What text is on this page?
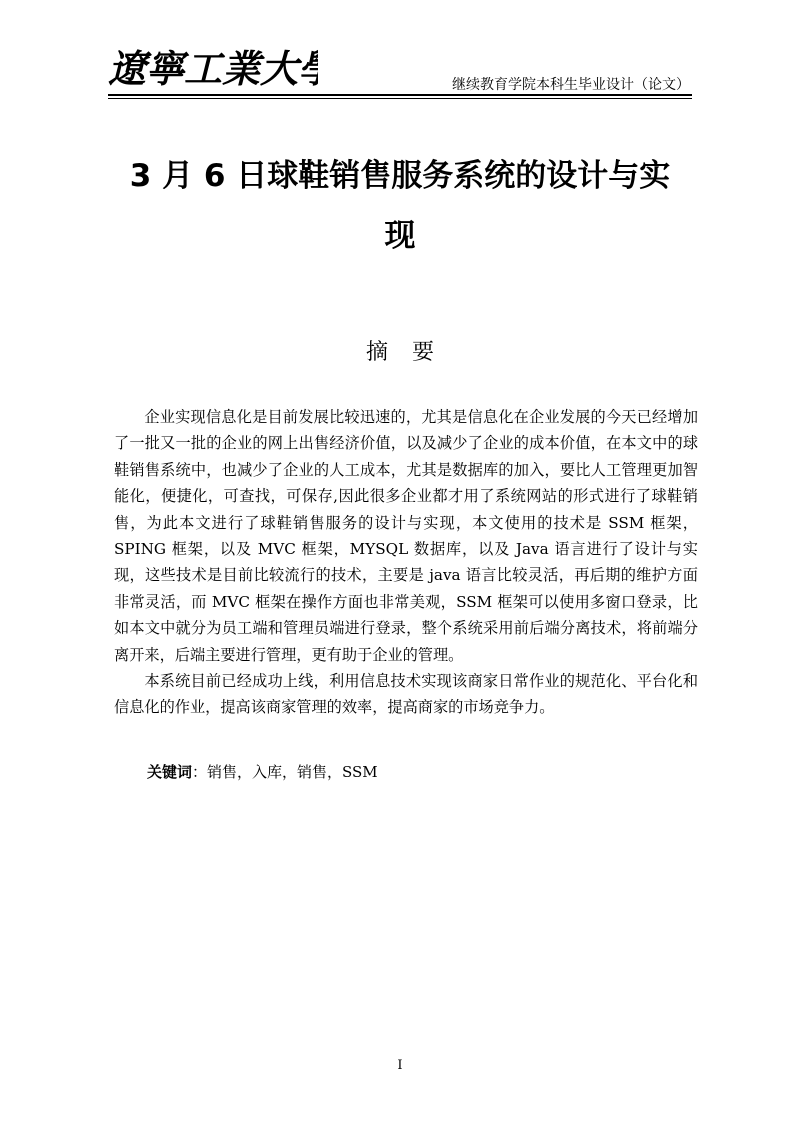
遼寧工業大學	继续教育学院本科生毕业设计（论文）
3 月 6 日球鞋销售服务系统的设计与实
现
摘要

企业实现信息化是目前发展比较迅速的，尤其是信息化在企业发展的今天已经增加了一批又一批的企业的网上出售经济价值，以及减少了企业的成本价值，在本文中的球鞋销售系统中，也减少了企业的人工成本，尤其是数据库的加入，要比人工管理更加智能化，便捷化，可查找，可保存,因此很多企业都才用了系统网站的形式进行了球鞋销售，为此本文进行了球鞋销售服务的设计与实现，本文使用的技术是 SSM 框架，SPING 框架，以及 MVC 框架，MYSQL 数据库，以及 Java 语言进行了设计与实现，这些技术是目前比较流行的技术，主要是 java 语言比较灵活，再后期的维护方面非常灵活，而 MVC 框架在操作方面也非常美观，SSM 框架可以使用多窗口登录，比如本文中就分为员工端和管理员端进行登录，整个系统采用前后端分离技术，将前端分离开来，后端主要进行管理，更有助于企业的管理。

本系统目前已经成功上线，利用信息技术实现该商家日常作业的规范化、平台化和信息化的作业，提高该商家管理的效率，提高商家的市场竞争力。

关键词：销售，入库，销售，SSM
I
